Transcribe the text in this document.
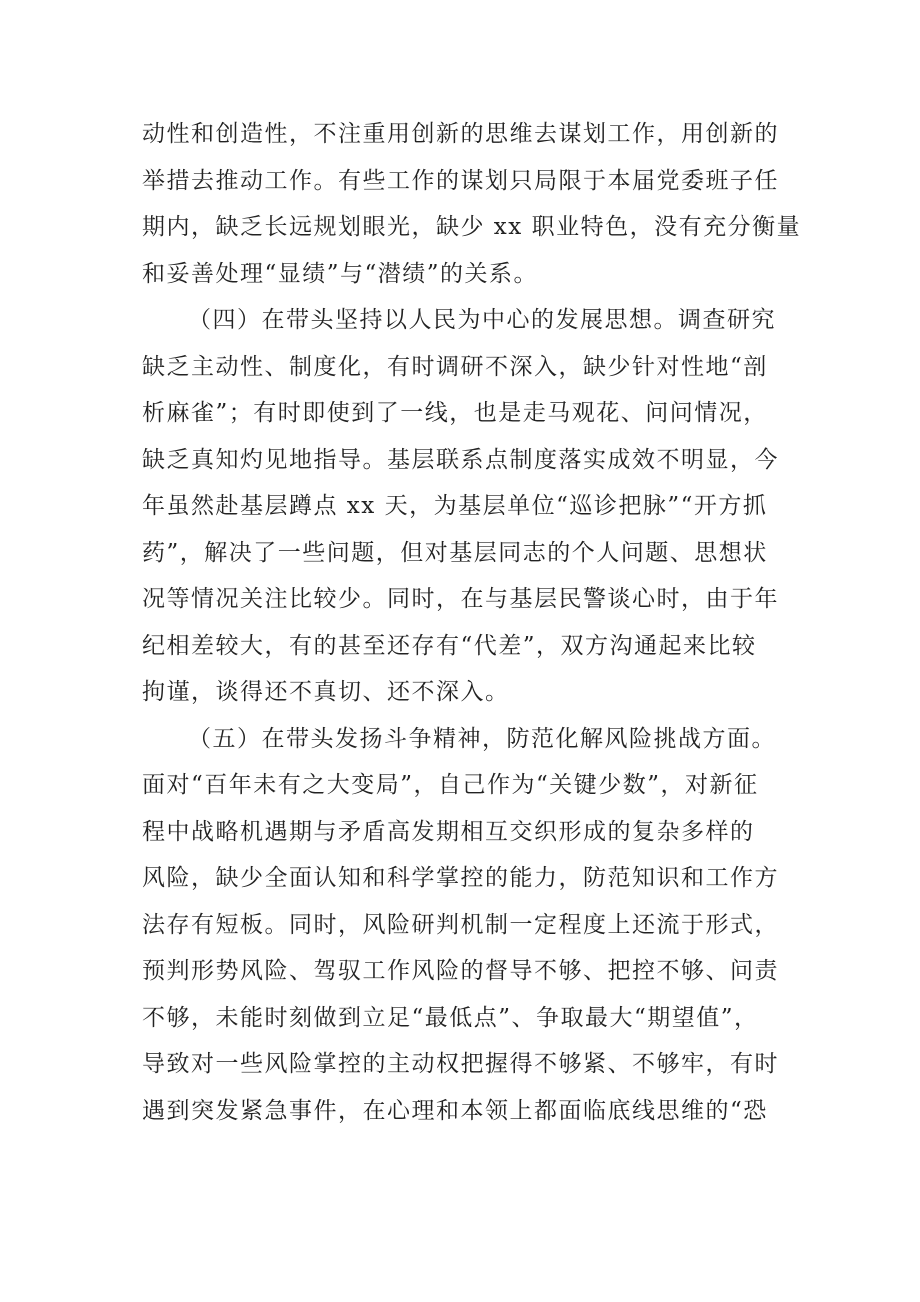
动性和创造性，不注重用创新的思维去谋划工作，用创新的
举措去推动工作。有些工作的谋划只局限于本届党委班子任
期内，缺乏长远规划眼光，缺少 xx 职业特色，没有充分衡量
和妥善处理“显绩”与“潜绩”的关系。
（四）在带头坚持以人民为中心的发展思想。调查研究
缺乏主动性、制度化，有时调研不深入，缺少针对性地“剖
析麻雀”；有时即使到了一线，也是走马观花、问问情况，
缺乏真知灼见地指导。基层联系点制度落实成效不明显，今
年虽然赴基层蹲点 xx 天，为基层单位“巡诊把脉”“开方抓
药”，解决了一些问题，但对基层同志的个人问题、思想状
况等情况关注比较少。同时，在与基层民警谈心时，由于年
纪相差较大，有的甚至还存有“代差”，双方沟通起来比较
拘谨，谈得还不真切、还不深入。
（五）在带头发扬斗争精神，防范化解风险挑战方面。
面对“百年未有之大变局”，自己作为“关键少数”，对新征
程中战略机遇期与矛盾高发期相互交织形成的复杂多样的
风险，缺少全面认知和科学掌控的能力，防范知识和工作方
法存有短板。同时，风险研判机制一定程度上还流于形式，
预判形势风险、驾驭工作风险的督导不够、把控不够、问责
不够，未能时刻做到立足“最低点”、争取最大“期望值”，
导致对一些风险掌控的主动权把握得不够紧、不够牢，有时
遇到突发紧急事件，在心理和本领上都面临底线思维的“恐
